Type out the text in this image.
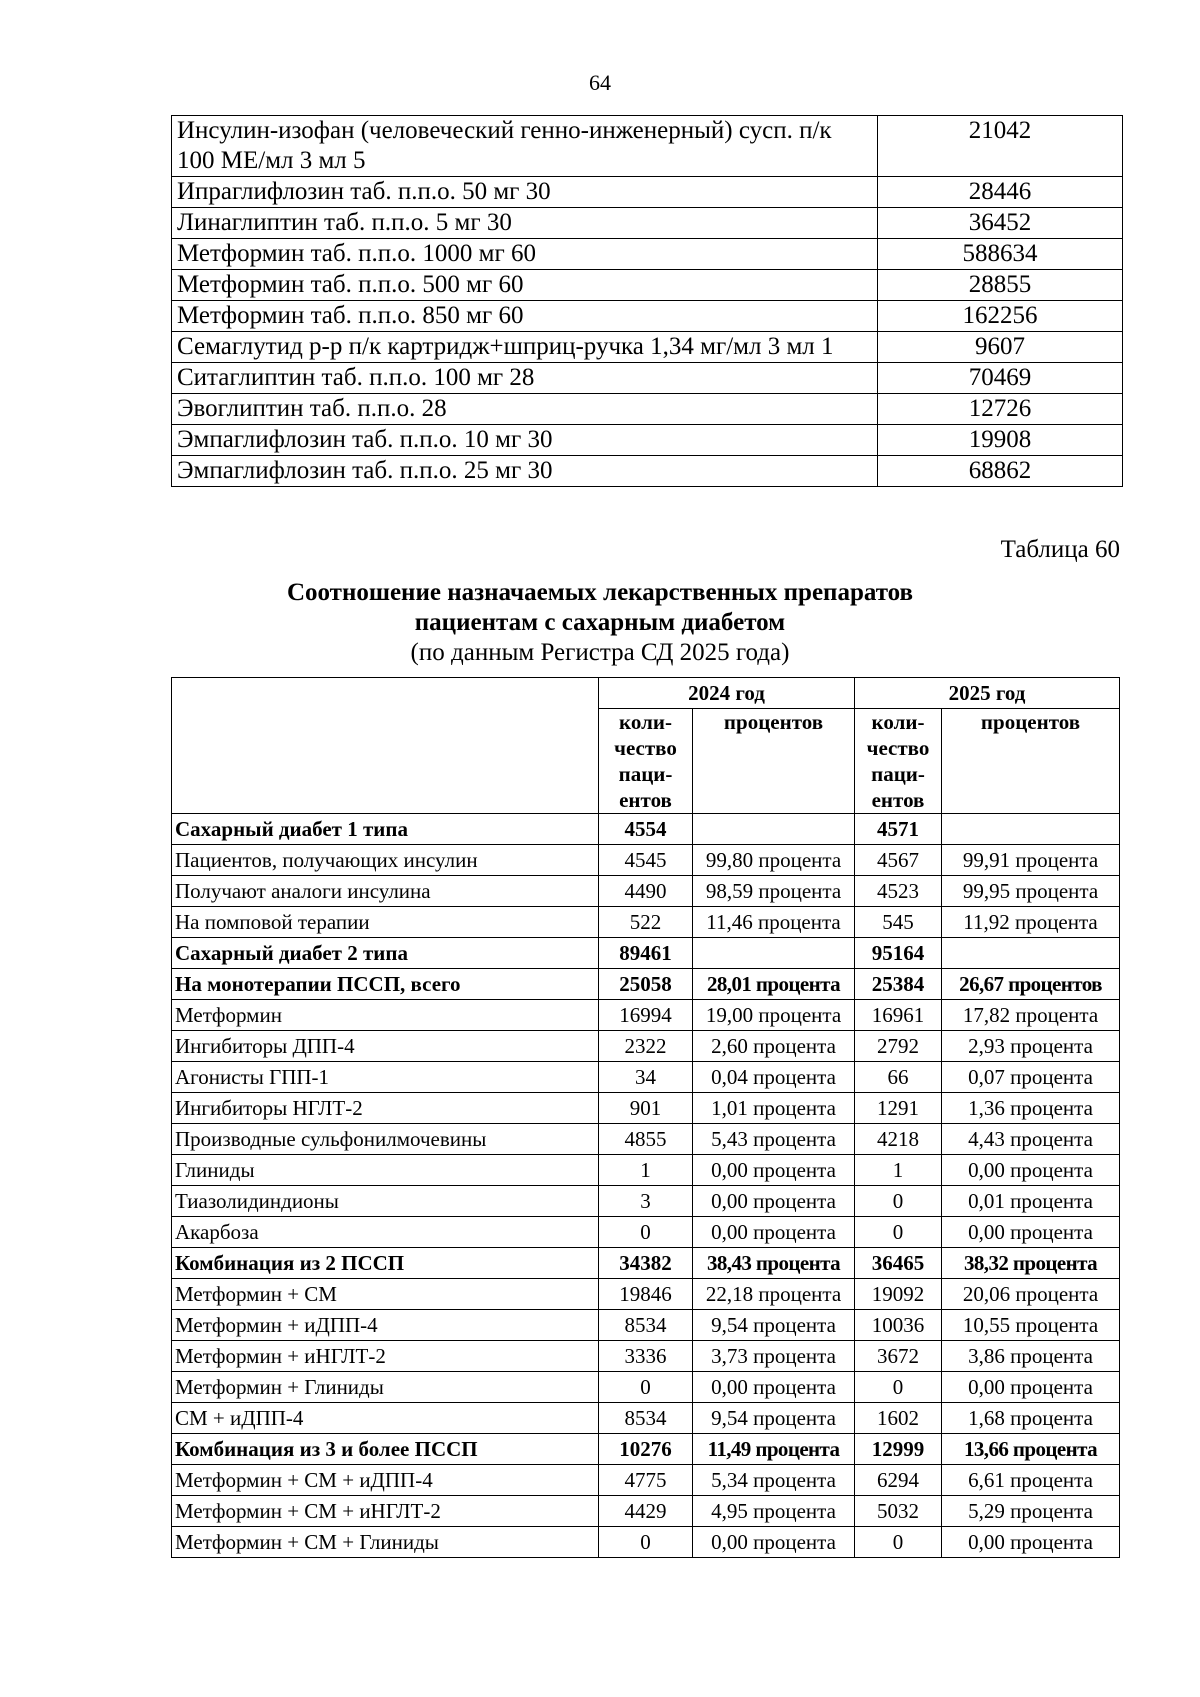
64
Инсулин-изофан (человеческий генно-инженерный) сусп. п/к 100 МЕ/мл 3 мл 5	21042
Ипраглифлозин таб. п.п.о. 50 мг 30	28446
Линаглиптин таб. п.п.о. 5 мг 30	36452
Метформин таб. п.п.о. 1000 мг 60	588634
Метформин таб. п.п.о. 500 мг 60	28855
Метформин таб. п.п.о. 850 мг 60	162256
Семаглутид р-р п/к картридж+шприц-ручка 1,34 мг/мл 3 мл 1	9607
Ситаглиптин таб. п.п.о. 100 мг 28	70469
Эвоглиптин таб. п.п.о. 28	12726
Эмпаглифлозин таб. п.п.о. 10 мг 30	19908
Эмпаглифлозин таб. п.п.о. 25 мг 30	68862
Таблица 60
Соотношение назначаемых лекарственных препаратов
пациентам с сахарным диабетом
(по данным Регистра СД 2025 года)
	2024 год		2025 год	
	коли- чество паци- ентов	процентов	коли- чество паци- ентов	процентов
Сахарный диабет 1 типа	4554		4571	
Пациентов, получающих инсулин	4545	99,80 процента	4567	99,91 процента
Получают аналоги инсулина	4490	98,59 процента	4523	99,95 процента
На помповой терапии	522	11,46 процента	545	11,92 процента
Сахарный диабет 2 типа	89461		95164	
На монотерапии ПССП, всего	25058	28,01 процента	25384	26,67 процентов
Метформин	16994	19,00 процента	16961	17,82 процента
Ингибиторы ДПП-4	2322	2,60 процента	2792	2,93 процента
Агонисты ГПП-1	34	0,04 процента	66	0,07 процента
Ингибиторы НГЛТ-2	901	1,01 процента	1291	1,36 процента
Производные сульфонилмочевины	4855	5,43 процента	4218	4,43 процента
Глиниды	1	0,00 процента	1	0,00 процента
Тиазолидиндионы	3	0,00 процента	0	0,01 процента
Акарбоза	0	0,00 процента	0	0,00 процента
Комбинация из 2 ПССП	34382	38,43 процента	36465	38,32 процента
Метформин + СМ	19846	22,18 процента	19092	20,06 процента
Метформин + иДПП-4	8534	9,54 процента	10036	10,55 процента
Метформин + иНГЛТ-2	3336	3,73 процента	3672	3,86 процента
Метформин + Глиниды	0	0,00 процента	0	0,00 процента
СМ + иДПП-4	8534	9,54 процента	1602	1,68 процента
Комбинация из 3 и более ПССП	10276	11,49 процента	12999	13,66 процента
Метформин + СМ + иДПП-4	4775	5,34 процента	6294	6,61 процента
Метформин + СМ + иНГЛТ-2	4429	4,95 процента	5032	5,29 процента
Метформин + СМ + Глиниды	0	0,00 процента	0	0,00 процента
